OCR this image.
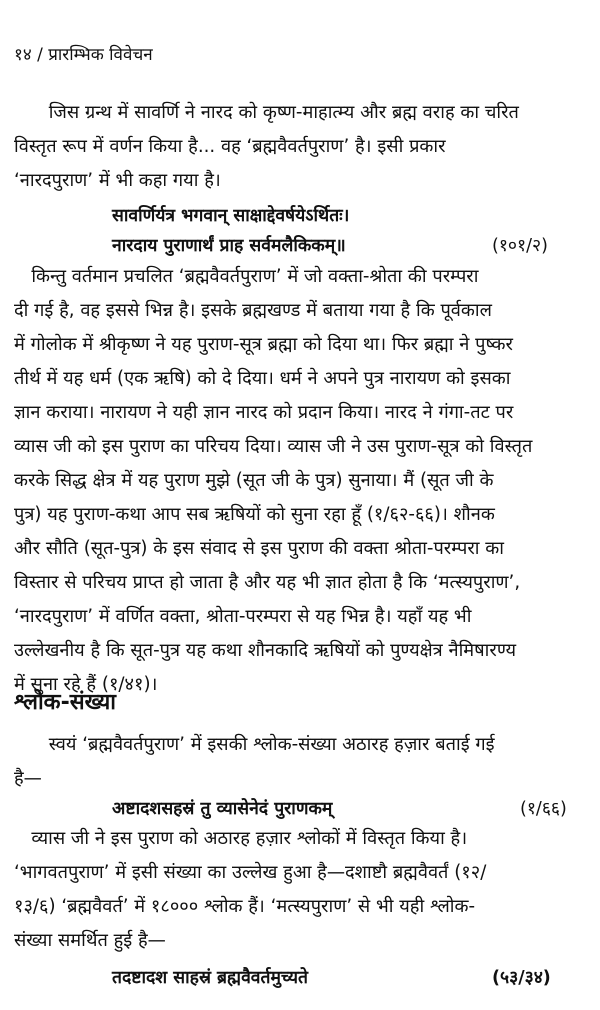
१४ / प्रारम्भिक विवेचन
जिस ग्रन्थ में सावर्णि ने नारद को कृष्ण-माहात्म्य और ब्रह्म वराह का चरित
विस्तृत रूप में वर्णन किया है... वह ‘ब्रह्मवैवर्तपुराण’ है। इसी प्रकार
‘नारदपुराण’ में भी कहा गया है।
सावर्णिर्यत्र भगवान् साक्षाद्देवर्षयेऽर्थितः।
नारदाय पुराणार्थं प्राह सर्वमलैकिकम्॥	(१०१/२)
किन्तु वर्तमान प्रचलित ‘ब्रह्मवैवर्तपुराण’ में जो वक्ता-श्रोता की परम्परा
दी गई है, वह इससे भिन्न है। इसके ब्रह्मखण्ड में बताया गया है कि पूर्वकाल
में गोलोक में श्रीकृष्ण ने यह पुराण-सूत्र ब्रह्मा को दिया था। फिर ब्रह्मा ने पुष्कर
तीर्थ में यह धर्म (एक ऋषि) को दे दिया। धर्म ने अपने पुत्र नारायण को इसका
ज्ञान कराया। नारायण ने यही ज्ञान नारद को प्रदान किया। नारद ने गंगा-तट पर
व्यास जी को इस पुराण का परिचय दिया। व्यास जी ने उस पुराण-सूत्र को विस्तृत
करके सिद्ध क्षेत्र में यह पुराण मुझे (सूत जी के पुत्र) सुनाया। मैं (सूत जी के
पुत्र) यह पुराण-कथा आप सब ऋषियों को सुना रहा हूँ (१/६२-६६)। शौनक
और सौति (सूत-पुत्र) के इस संवाद से इस पुराण की वक्ता श्रोता-परम्परा का
विस्तार से परिचय प्राप्त हो जाता है और यह भी ज्ञात होता है कि ‘मत्स्यपुराण’,
‘नारदपुराण’ में वर्णित वक्ता, श्रोता-परम्परा से यह भिन्न है। यहाँ यह भी
उल्लेखनीय है कि सूत-पुत्र यह कथा शौनकादि ऋषियों को पुण्यक्षेत्र नैमिषारण्य
में सुना रहे हैं (१/४१)।
श्लोक-संख्या
स्वयं ‘ब्रह्मवैवर्तपुराण’ में इसकी श्लोक-संख्या अठारह हज़ार बताई गई
है—
अष्टादशसहस्रं तु व्यासेनेदं पुराणकम्	(१/६६)
व्यास जी ने इस पुराण को अठारह हज़ार श्लोकों में विस्तृत किया है।
‘भागवतपुराण’ में इसी संख्या का उल्लेख हुआ है—दशाष्टौ ब्रह्मवैवर्तं (१२/
१३/६) ‘ब्रह्मवैवर्त’ में १८००० श्लोक हैं। ‘मत्स्यपुराण’ से भी यही श्लोक-
संख्या समर्थित हुई है—
तदष्टादश साहस्रं ब्रह्मवैवर्तमुच्यते	(५३/३४)
